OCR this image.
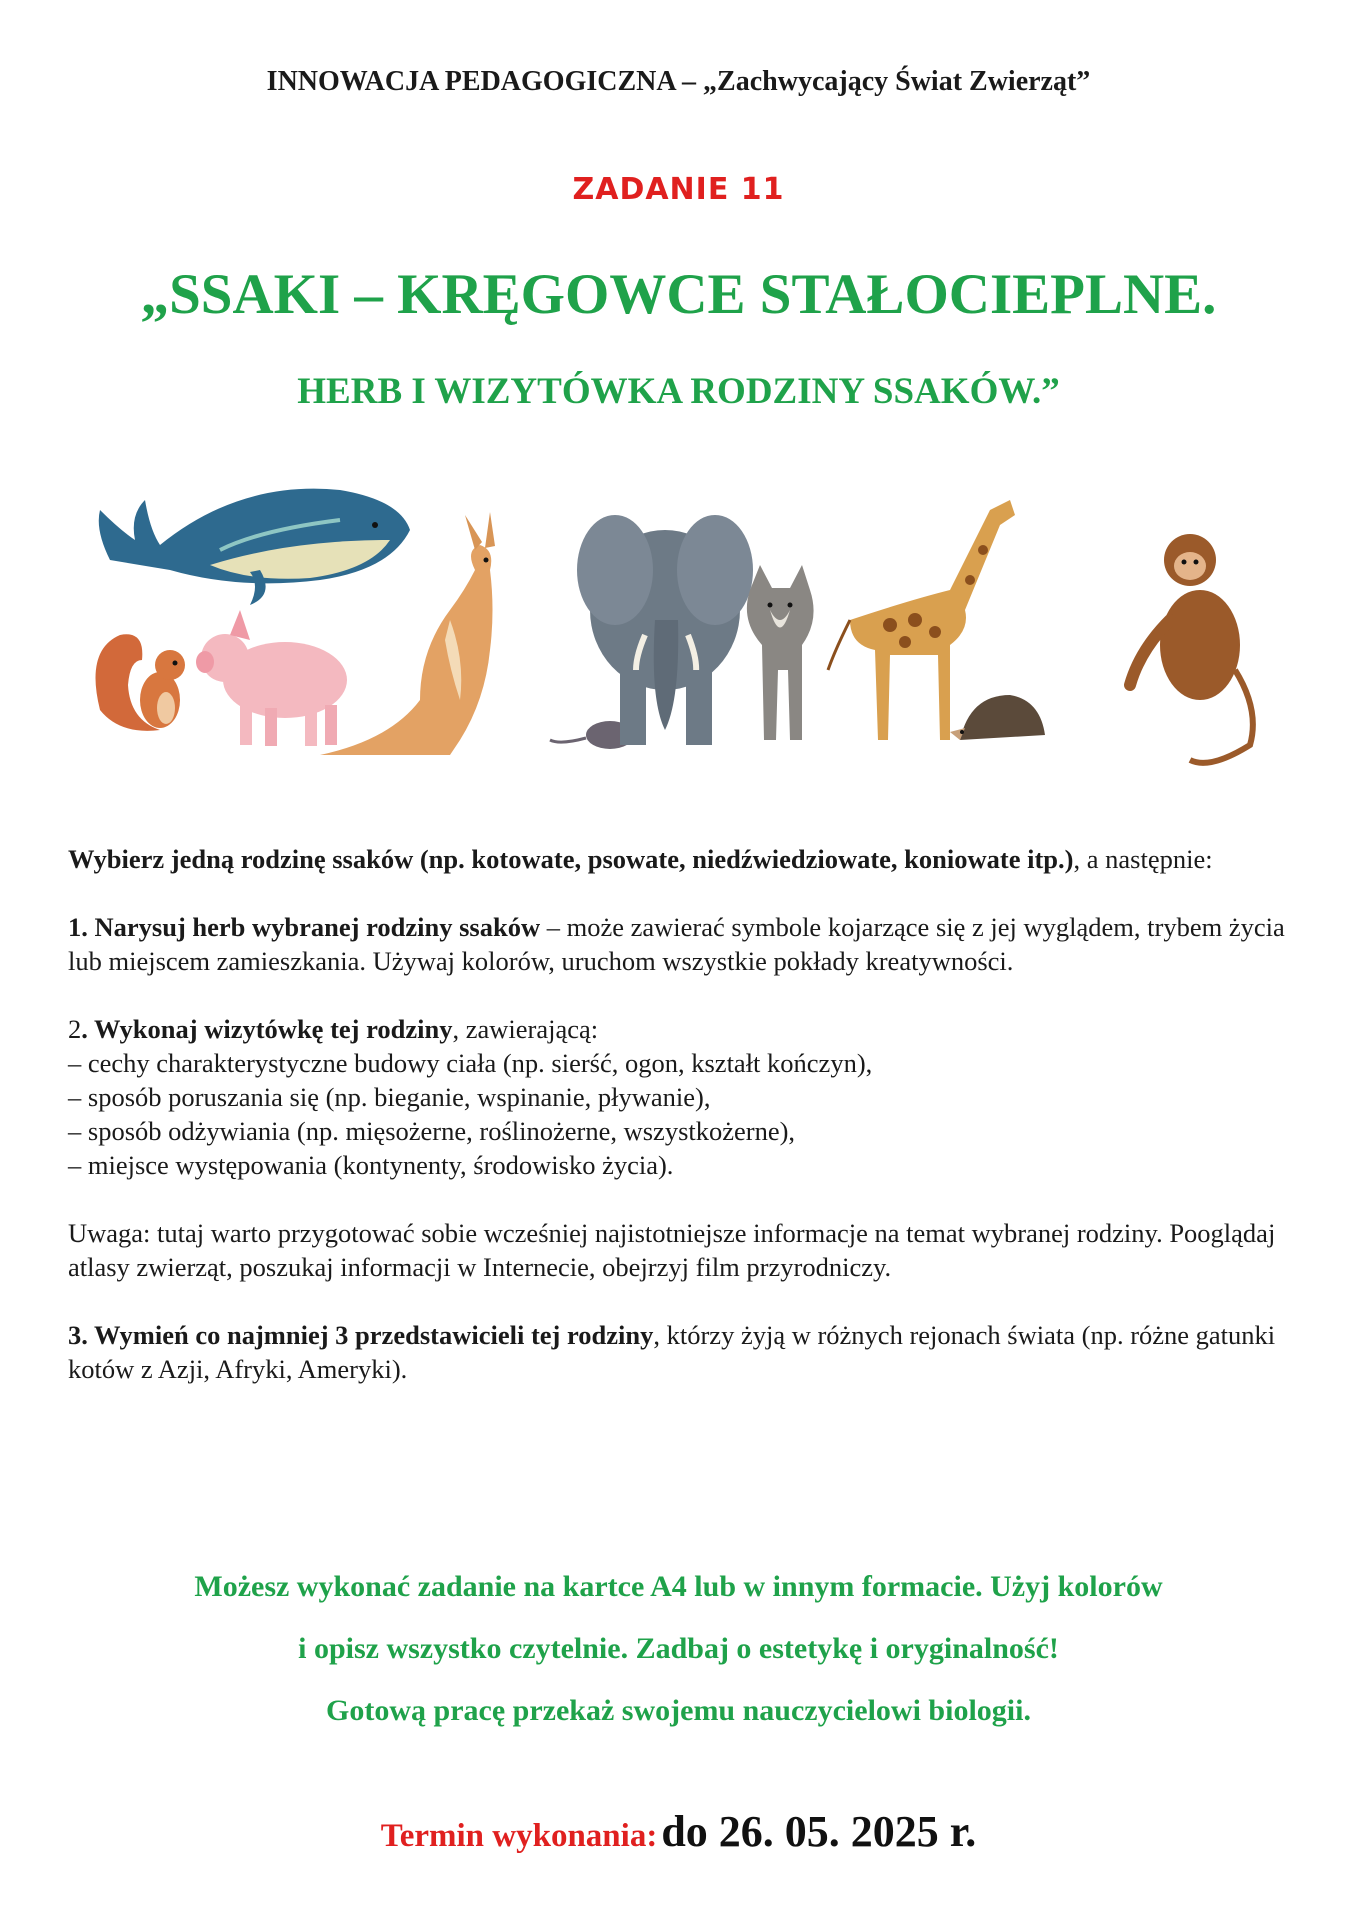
INNOWACJA PEDAGOGICZNA – „Zachwycający Świat Zwierząt”
ZADANIE 11
„SSAKI – KRĘGOWCE STAŁOCIEPLNE.
HERB I WIZYTÓWKA RODZINY SSAKÓW.”

Wybierz jedną rodzinę ssaków (np. kotowate, psowate, niedźwiedziowate, koniowate itp.), a następnie:

1. Narysuj herb wybranej rodziny ssaków – może zawierać symbole kojarzące się z jej wyglądem, trybem życia lub miejscem zamieszkania. Używaj kolorów, uruchom wszystkie pokłady kreatywności.

2. Wykonaj wizytówkę tej rodziny, zawierającą:

– cechy charakterystyczne budowy ciała (np. sierść, ogon, kształt kończyn),

– sposób poruszania się (np. bieganie, wspinanie, pływanie),

– sposób odżywiania (np. mięsożerne, roślinożerne, wszystkożerne),

– miejsce występowania (kontynenty, środowisko życia).

Uwaga: tutaj warto przygotować sobie wcześniej najistotniejsze informacje na temat wybranej rodziny. Pooglądaj atlasy zwierząt, poszukaj informacji w Internecie, obejrzyj film przyrodniczy.

3. Wymień co najmniej 3 przedstawicieli tej rodziny, którzy żyją w różnych rejonach świata (np. różne gatunki kotów z Azji, Afryki, Ameryki).

Możesz wykonać zadanie na kartce A4 lub w innym formacie. Użyj kolorów
i opisz wszystko czytelnie. Zadbaj o estetykę i oryginalność!
Gotową pracę przekaż swojemu nauczycielowi biologii.
Termin wykonania: do 26. 05. 2025 r.
